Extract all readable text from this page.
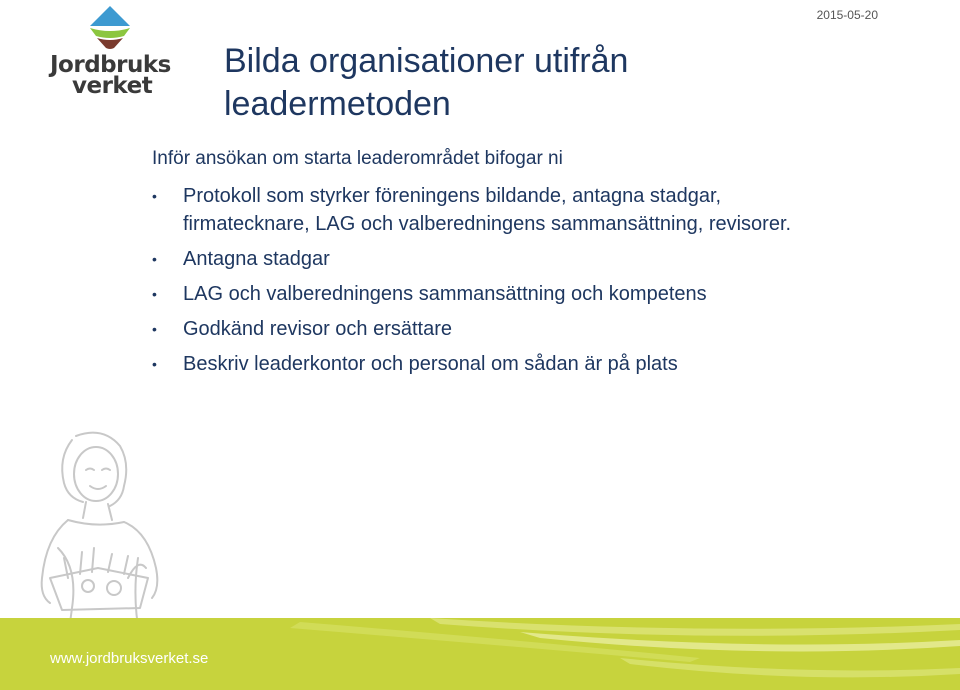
2015-05-20
Jordbruks
verket
Bilda organisationer utifrån
leadermetoden

Inför ansökan om starta leaderområdet bifogar ni

• Protokoll som styrker föreningens bildande, antagna stadgar, firmatecknare, LAG och valberedningens sammansättning, revisorer.
• Antagna stadgar
• LAG och valberedningens sammansättning och kompetens
• Godkänd revisor och ersättare
• Beskriv leaderkontor och personal om sådan är på plats
www.jordbruksverket.se
